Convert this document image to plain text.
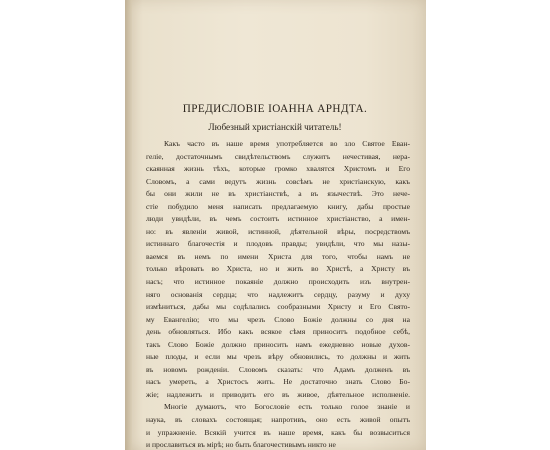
ПРЕДИСЛОВІЕ ІОАННА АРНДТА.
Любезный христіанскій читатель!
Какъ часто въ наше время употребляется во зло Святое Еван-
геліе, достаточнымъ свидѣтельствомъ служитъ нечестивая, нера-
скаянная жизнь тѣхъ, которые громко хвалятся Христомъ и Его
Словомъ, а сами ведутъ жизнь совсѣмъ не христіанскую, какъ
бы они жили не въ христіанствѣ, а въ язычествѣ. Это нече-
стіе побудило меня написать предлагаемую книгу, дабы простые
люди увидѣли, въ чемъ состоитъ истинное христіанство, а имен-
но: въ явленіи живой, истинной, дѣятельной вѣры, посредствомъ
истиннаго благочестія и плодовъ правды; увидѣли, что мы назы-
ваемся въ немъ по имени Христа для того, чтобы намъ не
только вѣровать во Христа, но и жить во Христѣ, а Христу въ
насъ; что истинное покаяніе должно происходить изъ внутрен-
няго основанія сердца; что надлежитъ сердцу, разуму и духу
измѣниться, дабы мы содѣлались сообразными Христу и Его Свято-
му Евангелію; что мы чрезъ Слово Божіе должны со дня на
день обновляться. Ибо какъ всякое сѣмя приноситъ подобное себѣ,
такъ Слово Божіе должно приносить намъ ежедневно новые духов-
ные плоды, и если мы чрезъ вѣру обновились, то должны и жить
въ новомъ рожденіи. Словомъ сказать: что Адамъ долженъ въ
насъ умереть, а Христосъ жить. Не достаточно знать Слово Бо-
жіе; надлежитъ и приводить его въ живое, дѣятельное исполненіе.
Многіе думаютъ, что Богословіе есть только голое знаніе и
наука, въ словахъ состоящая; напротивъ, оно есть живой опытъ
и упражненіе. Всякій учится въ наше время, какъ бы возвыситься
и прославиться въ мірѣ; но быть благочестивымъ никто не
